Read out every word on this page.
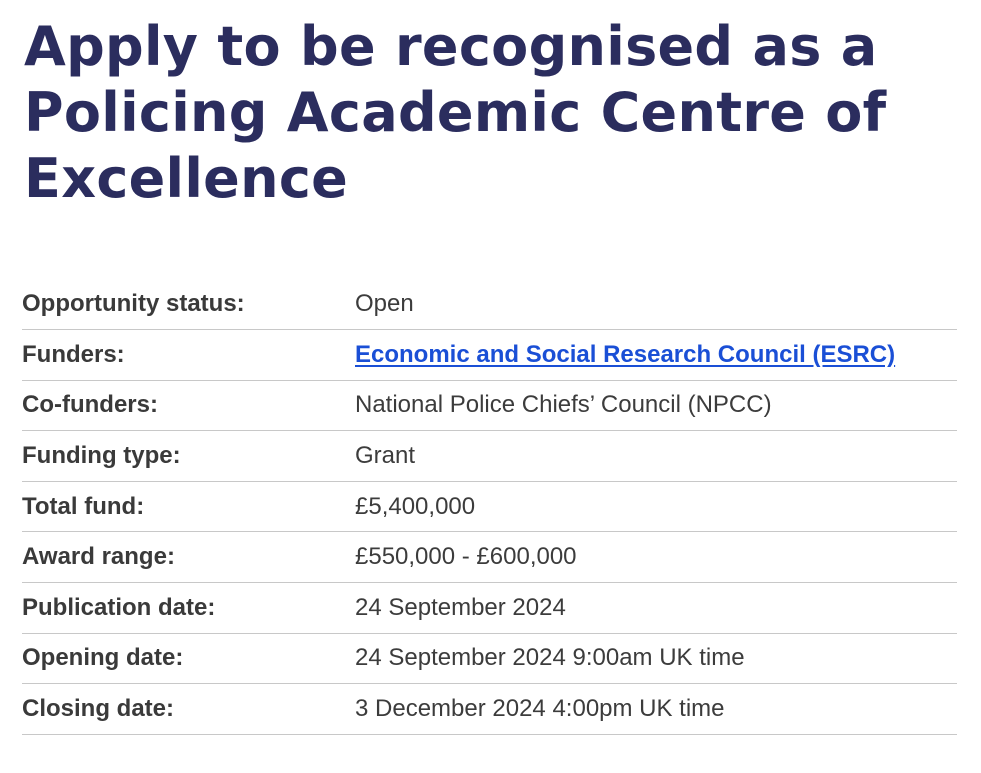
Apply to be recognised as a Policing Academic Centre of Excellence
Opportunity status:	Open
Funders:	Economic and Social Research Council (ESRC)
Co-funders:	National Police Chiefs’ Council (NPCC)
Funding type:	Grant
Total fund:	£5,400,000
Award range:	£550,000 - £600,000
Publication date:	24 September 2024
Opening date:	24 September 2024 9:00am UK time
Closing date:	3 December 2024 4:00pm UK time
